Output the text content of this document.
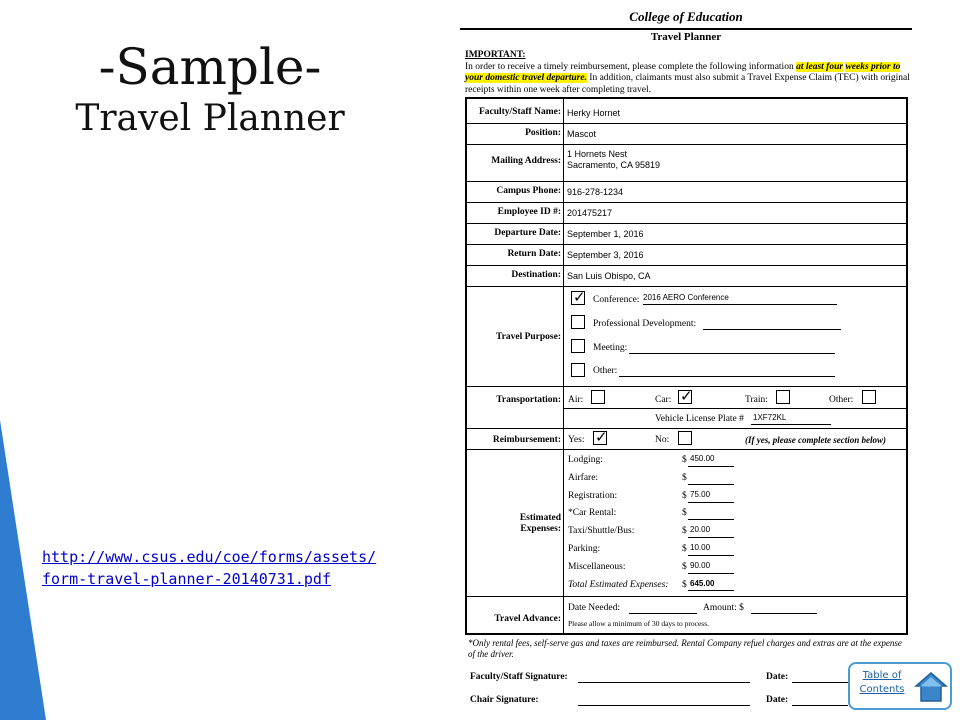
-Sample-
Travel Planner
http://www.csus.edu/coe/forms/assets/form-travel-planner-20140731.pdf
College of Education
Travel Planner
IMPORTANT:
In order to receive a timely reimbursement, please complete the following information at least four weeks prior to your domestic travel departure. In addition, claimants must also submit a Travel Expense Claim (TEC) with original receipts within one week after completing travel.
Faculty/Staff Name: Herky Hornet
Position: Mascot
Mailing Address:
1 Hornets Nest
Sacramento, CA 95819
Campus Phone: 916-278-1234
Employee ID #: 201475217
Departure Date: September 1, 2016
Return Date: September 3, 2016
Destination: San Luis Obispo, CA
Travel Purpose:
✓ Conference: 2016 AERO Conference
Professional Development:
Meeting:
Other:
Transportation: Air:	Car: ✓	Train:	Other:
Vehicle License Plate # 1XF72KL
Reimbursement: Yes: ✓	No:	(If yes, please complete section below)
Estimated
Expenses:
Lodging:	$ 450.00
Airfare:	$
Registration:	$ 75.00
*Car Rental:	$
Taxi/Shuttle/Bus:	$ 20.00
Parking:	$ 10.00
Miscellaneous:	$ 90.00
Total Estimated Expenses: $ 645.00
Travel Advance:
Date Needed:	Amount: $
Please allow a minimum of 30 days to process.
*Only rental fees, self-serve gas and taxes are reimbursed. Rental Company refuel charges and extras are at the expense of the driver.
Faculty/Staff Signature:	Date:
Chair Signature:	Date:
Table of
Contents
